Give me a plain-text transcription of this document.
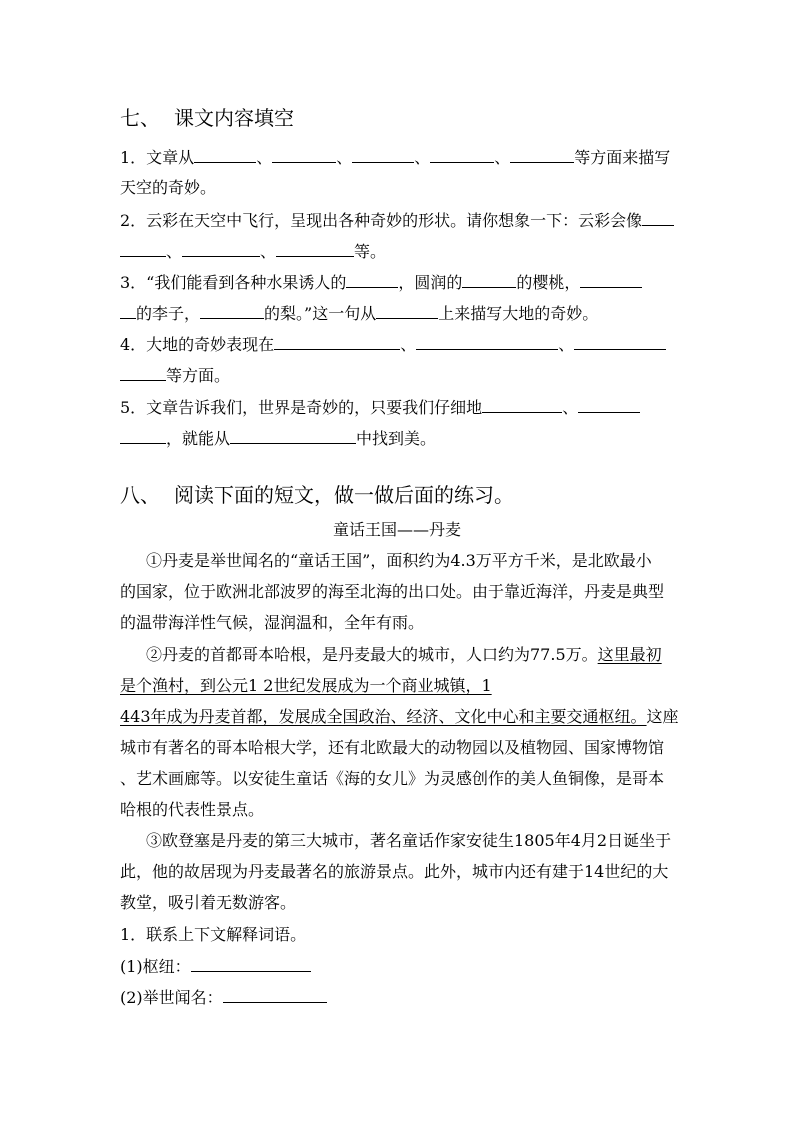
七、 课文内容填空
1．文章从	、	、	、	、	等方面来描写
天空的奇妙。
2．云彩在天空中飞行，呈现出各种奇妙的形状。请你想象一下：云彩会像
、	、	等。
3．“我们能看到各种水果诱人的	，圆润的	的樱桃，
的李子，	的梨。”这一句从	上来描写大地的奇妙。
4．大地的奇妙表现在	、	、
等方面。
5．文章告诉我们，世界是奇妙的，只要我们仔细地	、
，就能从	中找到美。
八、 阅读下面的短文，做一做后面的练习。
童话王国——丹麦
①丹麦是举世闻名的“童话王国”，面积约为4.3万平方千米，是北欧最小
的国家，位于欧洲北部波罗的海至北海的出口处。由于靠近海洋，丹麦是典型
的温带海洋性气候，湿润温和，全年有雨。
②丹麦的首都哥本哈根，是丹麦最大的城市，人口约为77.5万。这里最初
是个渔村，到公元1 2世纪发展成为一个商业城镇，1
443年成为丹麦首都，发展成全国政治、经济、文化中心和主要交通枢纽。这座
城市有著名的哥本哈根大学，还有北欧最大的动物园以及植物园、国家博物馆
、艺术画廊等。以安徒生童话《海的女儿》为灵感创作的美人鱼铜像，是哥本
哈根的代表性景点。
③欧登塞是丹麦的第三大城市，著名童话作家安徒生1805年4月2日诞坐于
此，他的故居现为丹麦最著名的旅游景点。此外，城市内还有建于14世纪的大
教堂，吸引着无数游客。
1．联系上下文解释词语。
(1)枢纽：
(2)举世闻名：
